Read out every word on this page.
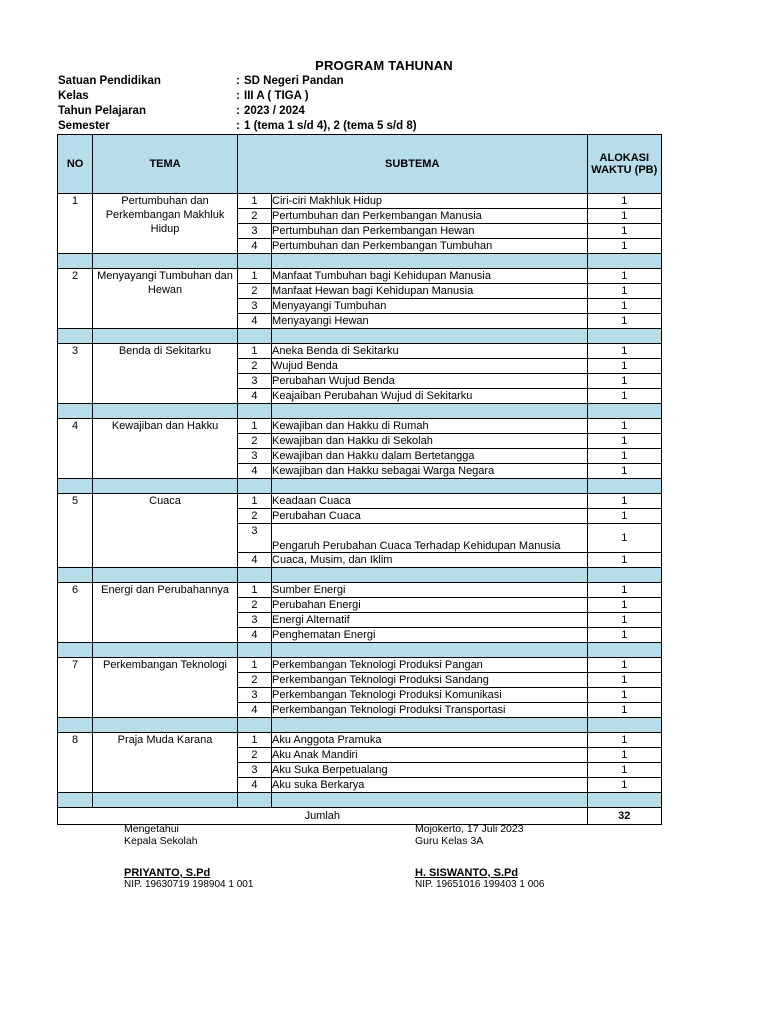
PROGRAM TAHUNAN
Satuan Pendidikan	: SD Negeri Pandan
Kelas	: III A ( TIGA )
Tahun Pelajaran	: 2023 / 2024
Semester	: 1 (tema 1 s/d 4), 2 (tema 5 s/d 8)
NO	TEMA	SUBTEMA		ALOKASI
WAKTU (PB)
1	Pertumbuhan dan Perkembangan Makhluk Hidup	1	Ciri-ciri Makhluk Hidup	1
		2	Pertumbuhan dan Perkembangan Manusia	1
		3	Pertumbuhan dan Perkembangan Hewan	1
		4	Pertumbuhan dan Perkembangan Tumbuhan	1

2	Menyayangi Tumbuhan dan Hewan	1	Manfaat Tumbuhan bagi Kehidupan Manusia	1
		2	Manfaat Hewan bagi Kehidupan Manusia	1
		3	Menyayangi Tumbuhan	1
		4	Menyayangi Hewan	1

3	Benda di Sekitarku	1	Aneka Benda di Sekitarku	1
		2	Wujud Benda	1
		3	Perubahan Wujud Benda	1
		4	Keajaiban Perubahan Wujud di Sekitarku	1

4	Kewajiban dan Hakku	1	Kewajiban dan Hakku di Rumah	1
		2	Kewajiban dan Hakku di Sekolah	1
		3	Kewajiban dan Hakku dalam Bertetangga	1
		4	Kewajiban dan Hakku sebagai Warga Negara	1

5	Cuaca	1	Keadaan Cuaca	1
		2	Perubahan Cuaca	1
		3	Pengaruh Perubahan Cuaca Terhadap Kehidupan Manusia	1
		4	Cuaca, Musim, dan Iklim	1

6	Energi dan Perubahannya	1	Sumber Energi	1
		2	Perubahan Energi	1
		3	Energi Alternatif	1
		4	Penghematan Energi	1

7	Perkembangan Teknologi	1	Perkembangan Teknologi Produksi Pangan	1
		2	Perkembangan Teknologi Produksi Sandang	1
		3	Perkembangan Teknologi Produksi Komunikasi	1
		4	Perkembangan Teknologi Produksi Transportasi	1

8	Praja Muda Karana	1	Aku Anggota Pramuka	1
		2	Aku Anak Mandiri	1
		3	Aku Suka Berpetualang	1
		4	Aku suka Berkarya	1

Jumlah				32
Mengetahui
Kepala Sekolah
PRIYANTO, S.Pd
NIP. 19630719 198904 1 001
Mojokerto, 17 Juli 2023
Guru Kelas 3A
H. SISWANTO, S.Pd
NIP. 19651016 199403 1 006
